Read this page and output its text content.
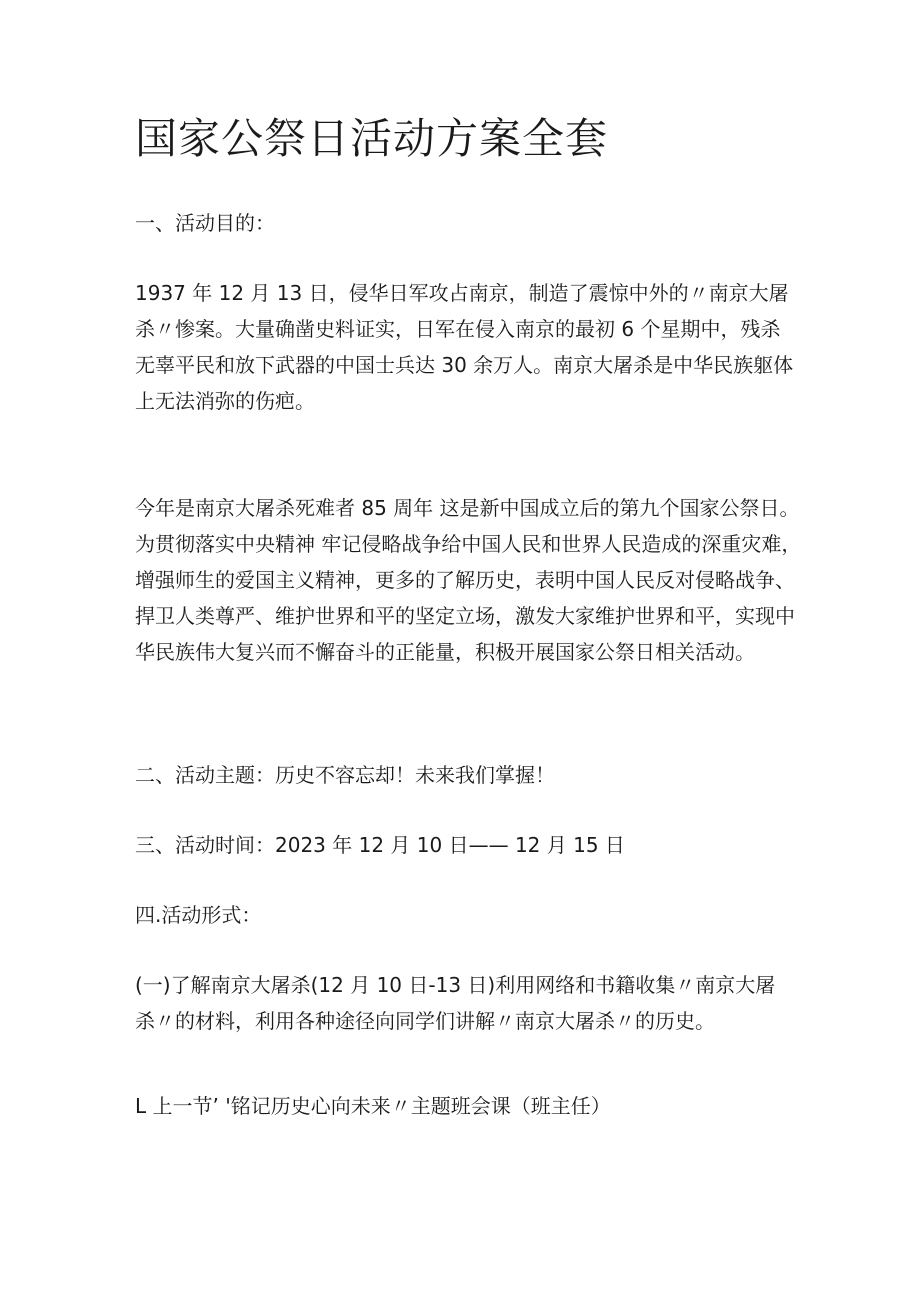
国家公祭日活动方案全套

一、活动目的：

1937 年 12 月 13 日，侵华日军攻占南京，制造了震惊中外的〃南京大屠
杀〃惨案。大量确凿史料证实，日军在侵入南京的最初 6 个星期中，残杀
无辜平民和放下武器的中国士兵达 30 余万人。南京大屠杀是中华民族躯体
上无法消弥的伤疤。
今年是南京大屠杀死难者 85 周年 这是新中国成立后的第九个国家公祭日。
为贯彻落实中央精神 牢记侵略战争给中国人民和世界人民造成的深重灾难，
增强师生的爱国主义精神，更多的了解历史，表明中国人民反对侵略战争、
捍卫人类尊严、维护世界和平的坚定立场，激发大家维护世界和平，实现中
华民族伟大复兴而不懈奋斗的正能量，积极开展国家公祭日相关活动。

二、活动主题：历史不容忘却！未来我们掌握！

三、活动时间：2023 年 12 月 10 日—— 12 月 15 日

四.活动形式：

(一)了解南京大屠杀(12 月 10 日-13 日)利用网络和书籍收集〃南京大屠
杀〃的材料，利用各种途径向同学们讲解〃南京大屠杀〃的历史。

L 上一节’ '铭记历史心向未来〃主题班会课（班主任）
